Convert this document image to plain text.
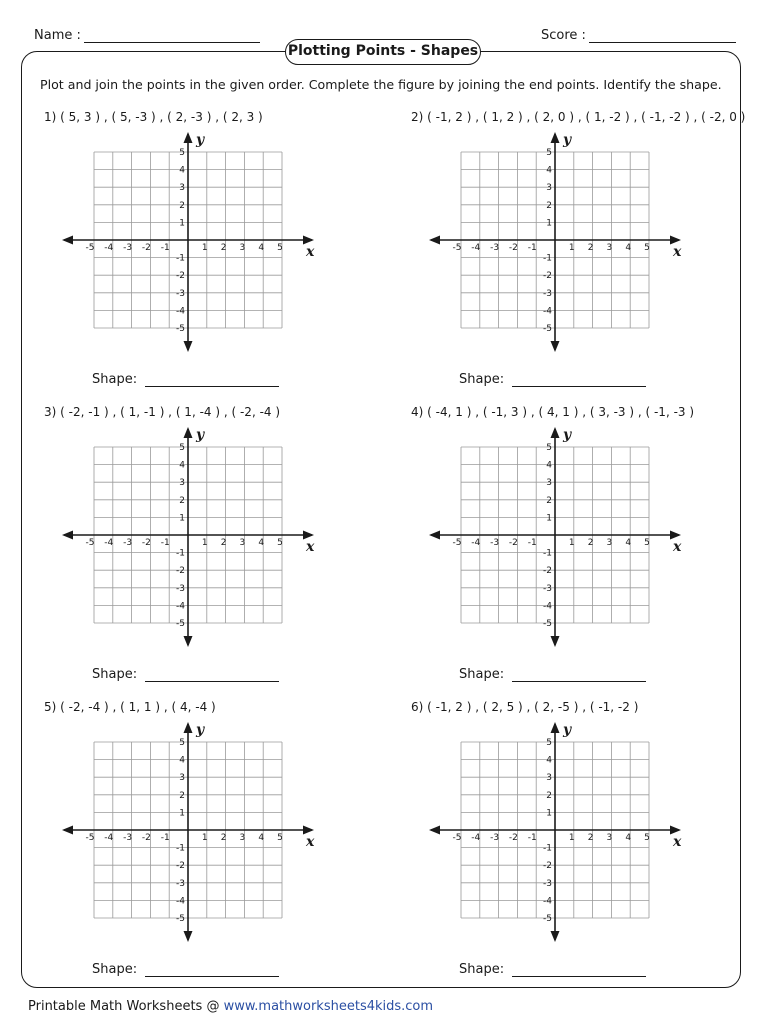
Name :	Score :
Plotting Points - Shapes
Plot and join the points in the given order. Complete the figure by joining the end points. Identify the shape.
1) ( 5, 3 ) , ( 5, -3 ) , ( 2, -3 ) , ( 2, 3 )
-5 -4 -3 -2 -1	1 2 3 4 5
5
4
3
2
1
-1
-2
-3
-4
-5
x
y
Shape:
2) ( -1, 2 ) , ( 1, 2 ) , ( 2, 0 ) , ( 1, -2 ) , ( -1, -2 ) , ( -2, 0 )
-5 -4 -3 -2 -1	1 2 3 4 5
5
4
3
2
1
-1
-2
-3
-4
-5
x
y
Shape:
3) ( -2, -1 ) , ( 1, -1 ) , ( 1, -4 ) , ( -2, -4 )
-5 -4 -3 -2 -1	1 2 3 4 5
5
4
3
2
1
-1
-2
-3
-4
-5
x
y
Shape:
4) ( -4, 1 ) , ( -1, 3 ) , ( 4, 1 ) , ( 3, -3 ) , ( -1, -3 )
-5 -4 -3 -2 -1	1 2 3 4 5
5
4
3
2
1
-1
-2
-3
-4
-5
x
y
Shape:
5) ( -2, -4 ) , ( 1, 1 ) , ( 4, -4 )
-5 -4 -3 -2 -1	1 2 3 4 5
5
4
3
2
1
-1
-2
-3
-4
-5
x
y
Shape:
6) ( -1, 2 ) , ( 2, 5 ) , ( 2, -5 ) , ( -1, -2 )
-5 -4 -3 -2 -1	1 2 3 4 5
5
4
3
2
1
-1
-2
-3
-4
-5
x
y
Shape:
Printable Math Worksheets @ www.mathworksheets4kids.com
